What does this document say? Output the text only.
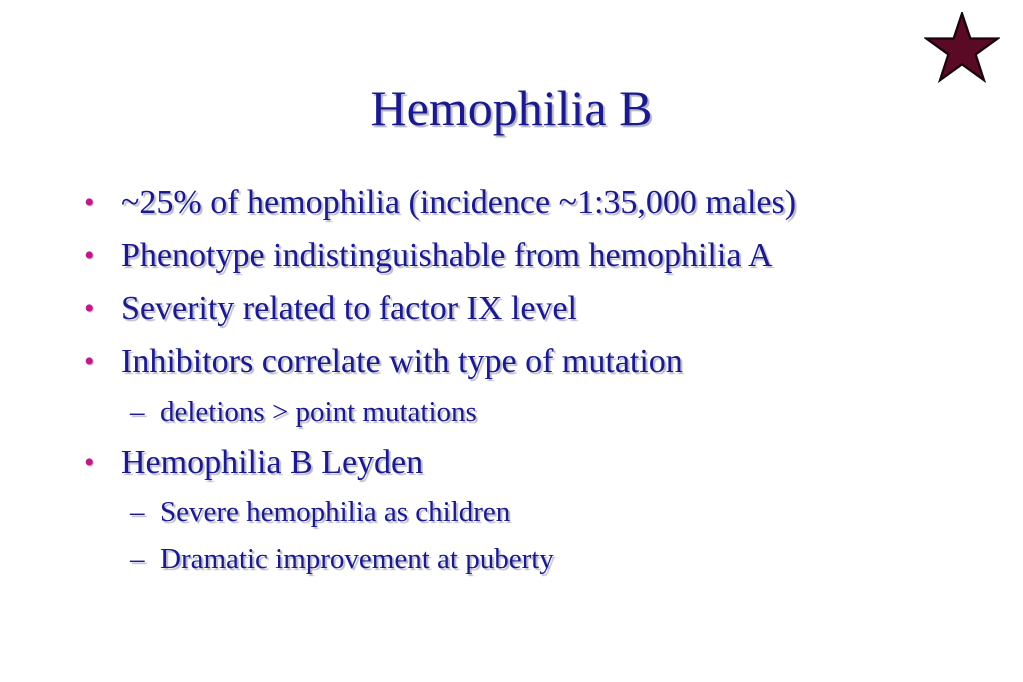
Hemophilia B
• ~25% of hemophilia (incidence ~1:35,000 males)
• Phenotype indistinguishable from hemophilia A
• Severity related to factor IX level
• Inhibitors correlate with type of mutation
– deletions > point mutations
• Hemophilia B Leyden
– Severe hemophilia as children
– Dramatic improvement at puberty
